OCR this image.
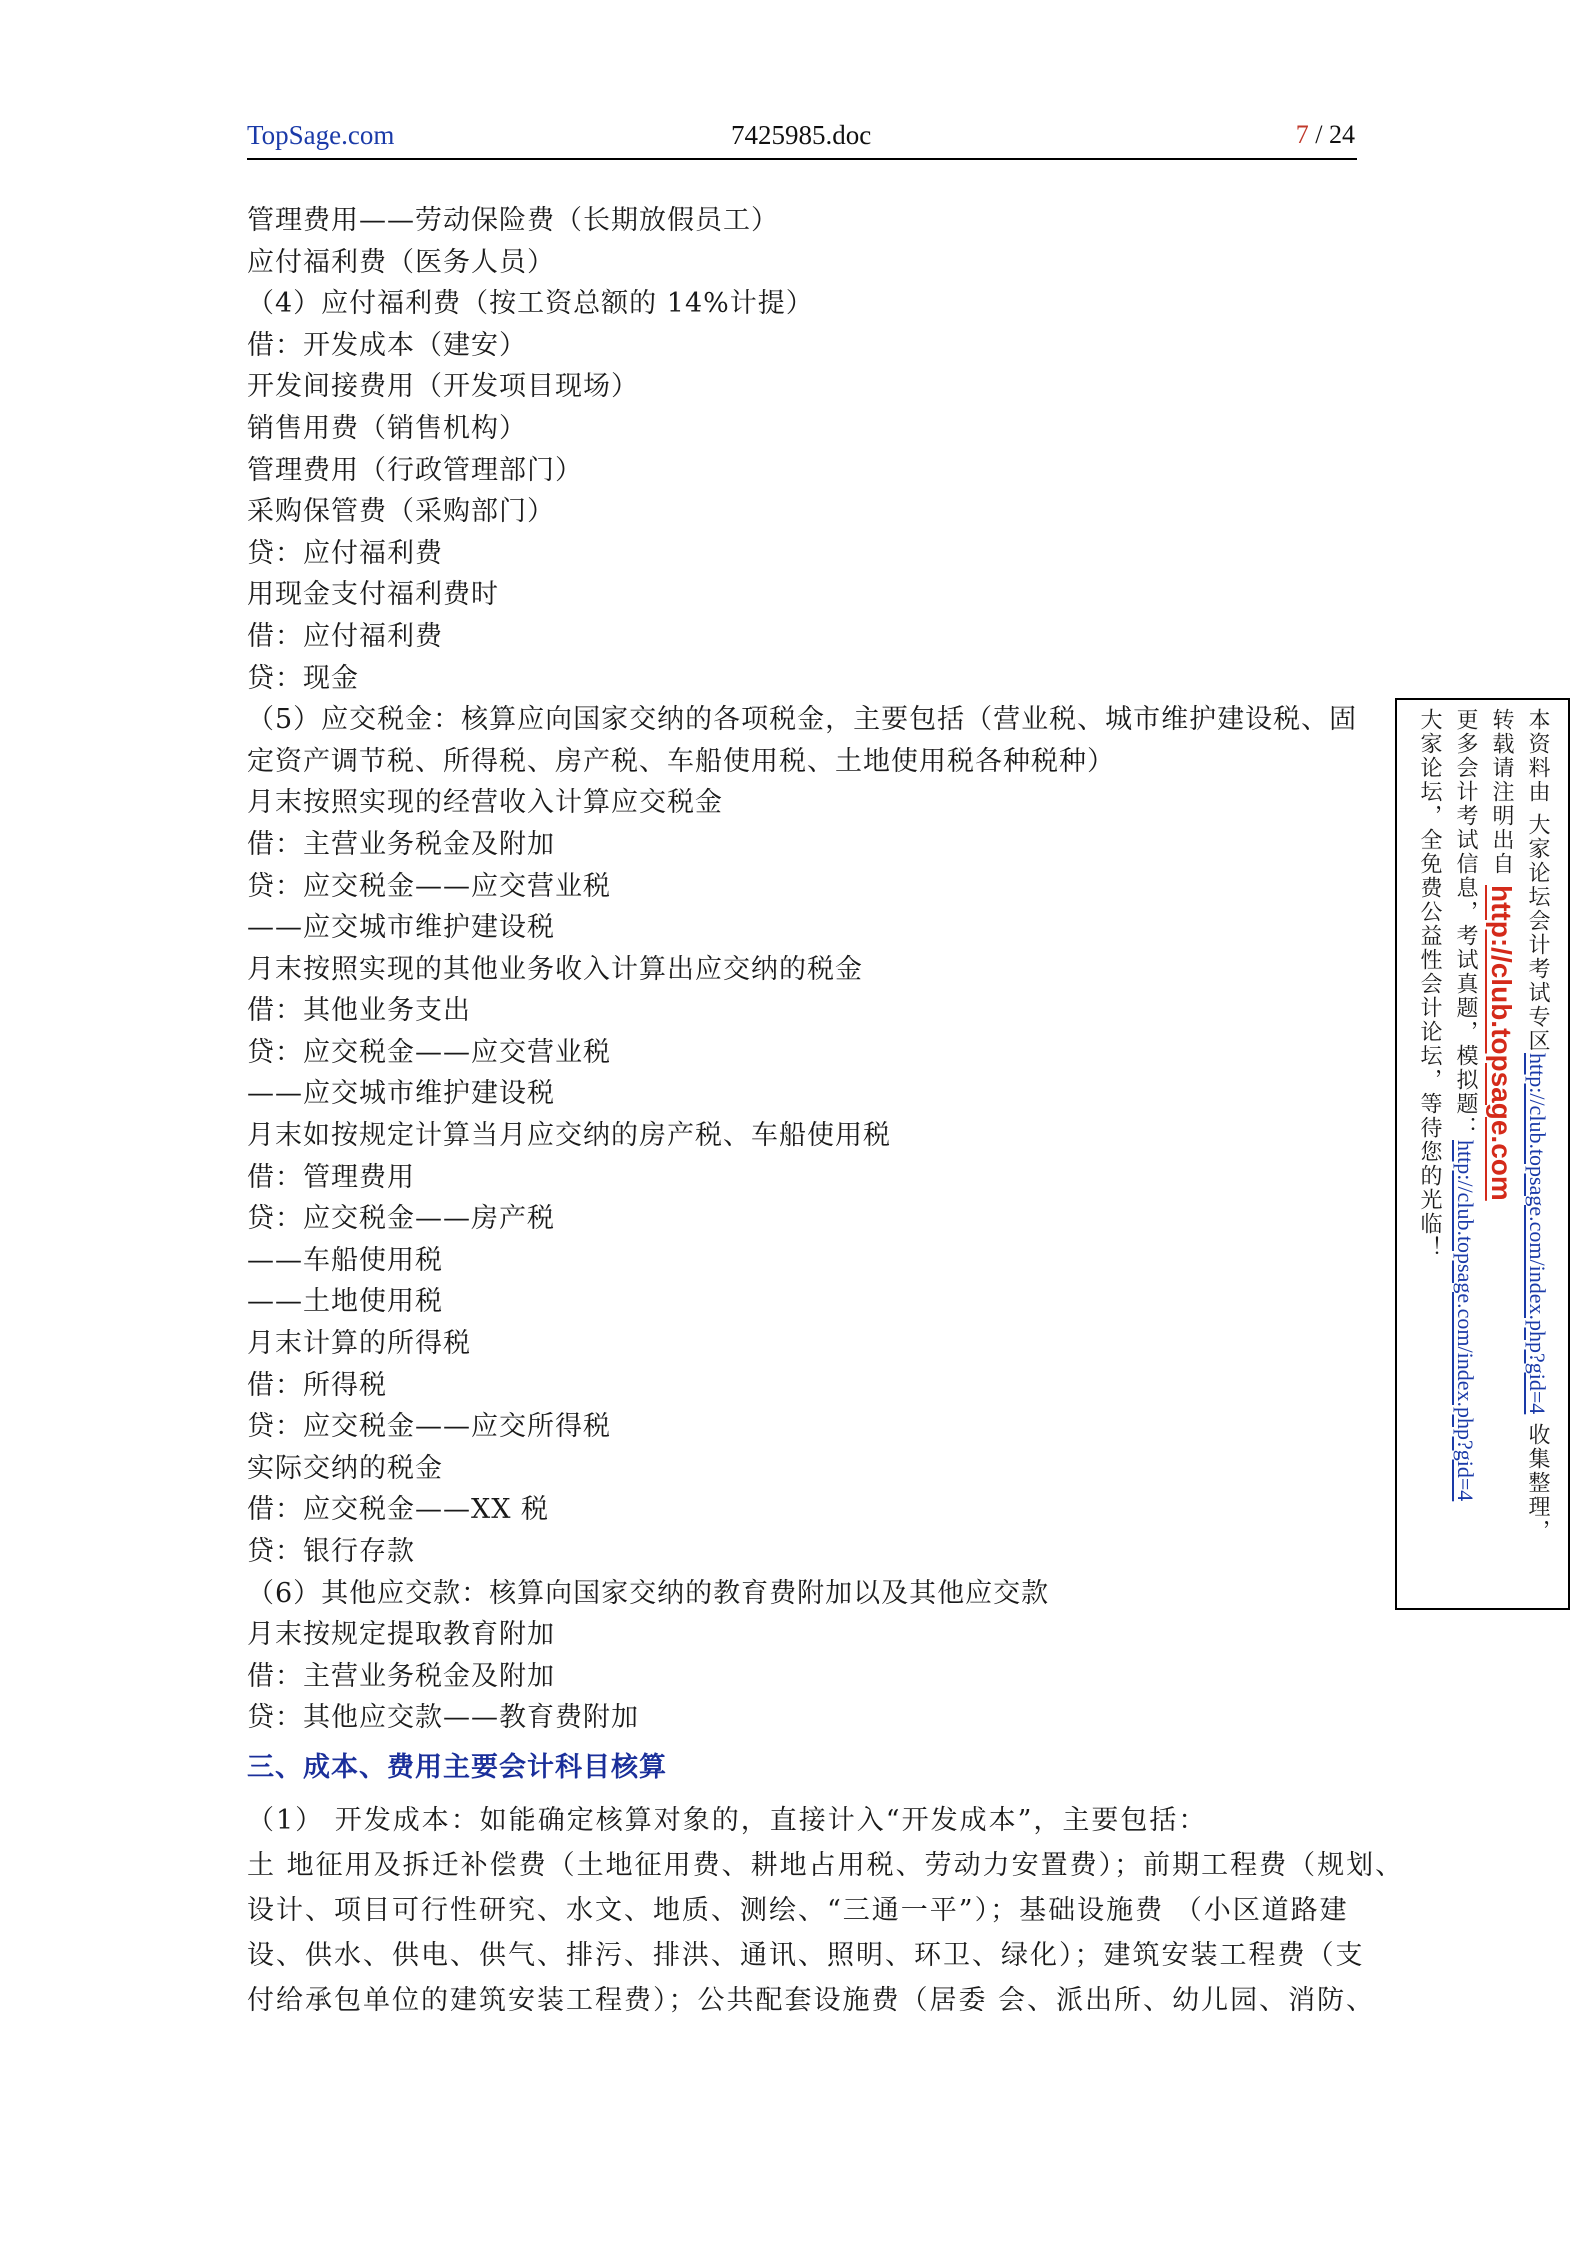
TopSage.com	7425985.doc	7 / 24
管理费用——劳动保险费（长期放假员工）
应付福利费（医务人员）
（4）应付福利费（按工资总额的 14%计提）
借：开发成本（建安）
开发间接费用（开发项目现场）
销售用费（销售机构）
管理费用（行政管理部门）
采购保管费（采购部门）
贷：应付福利费
用现金支付福利费时
借：应付福利费
贷：现金
（5）应交税金：核算应向国家交纳的各项税金，主要包括（营业税、城市维护建设税、固
定资产调节税、所得税、房产税、车船使用税、土地使用税各种税种）
月末按照实现的经营收入计算应交税金
借：主营业务税金及附加
贷：应交税金——应交营业税
——应交城市维护建设税
月末按照实现的其他业务收入计算出应交纳的税金
借：其他业务支出
贷：应交税金——应交营业税
——应交城市维护建设税
月末如按规定计算当月应交纳的房产税、车船使用税
借：管理费用
贷：应交税金——房产税
——车船使用税
——土地使用税
月末计算的所得税
借：所得税
贷：应交税金——应交所得税
实际交纳的税金
借：应交税金——XX 税
贷：银行存款
（6）其他应交款：核算向国家交纳的教育费附加以及其他应交款
月末按规定提取教育附加
借：主营业务税金及附加
贷：其他应交款——教育费附加
三、成本、费用主要会计科目核算
（1） 开发成本：如能确定核算对象的，直接计入“开发成本”，主要包括：
土 地征用及拆迁补偿费（土地征用费、耕地占用税、劳动力安置费）；前期工程费（规划、
设计、项目可行性研究、水文、地质、测绘、“三通一平”）；基础设施费 （小区道路建
设、供水、供电、供气、排污、排洪、通讯、照明、环卫、绿化）；建筑安装工程费（支
付给承包单位的建筑安装工程费）；公共配套设施费（居委 会、派出所、幼儿园、消防、
本资料由 大家论坛会计考试专区http://club.topsage.com/index.php?gid=4 收集整理，
转载请注明出自 http://club.topsage.com
更多会计考试信息，考试真题，模拟题：http://club.topsage.com/index.php?gid=4
大家论坛，全免费公益性会计论坛，等待您的光临！
